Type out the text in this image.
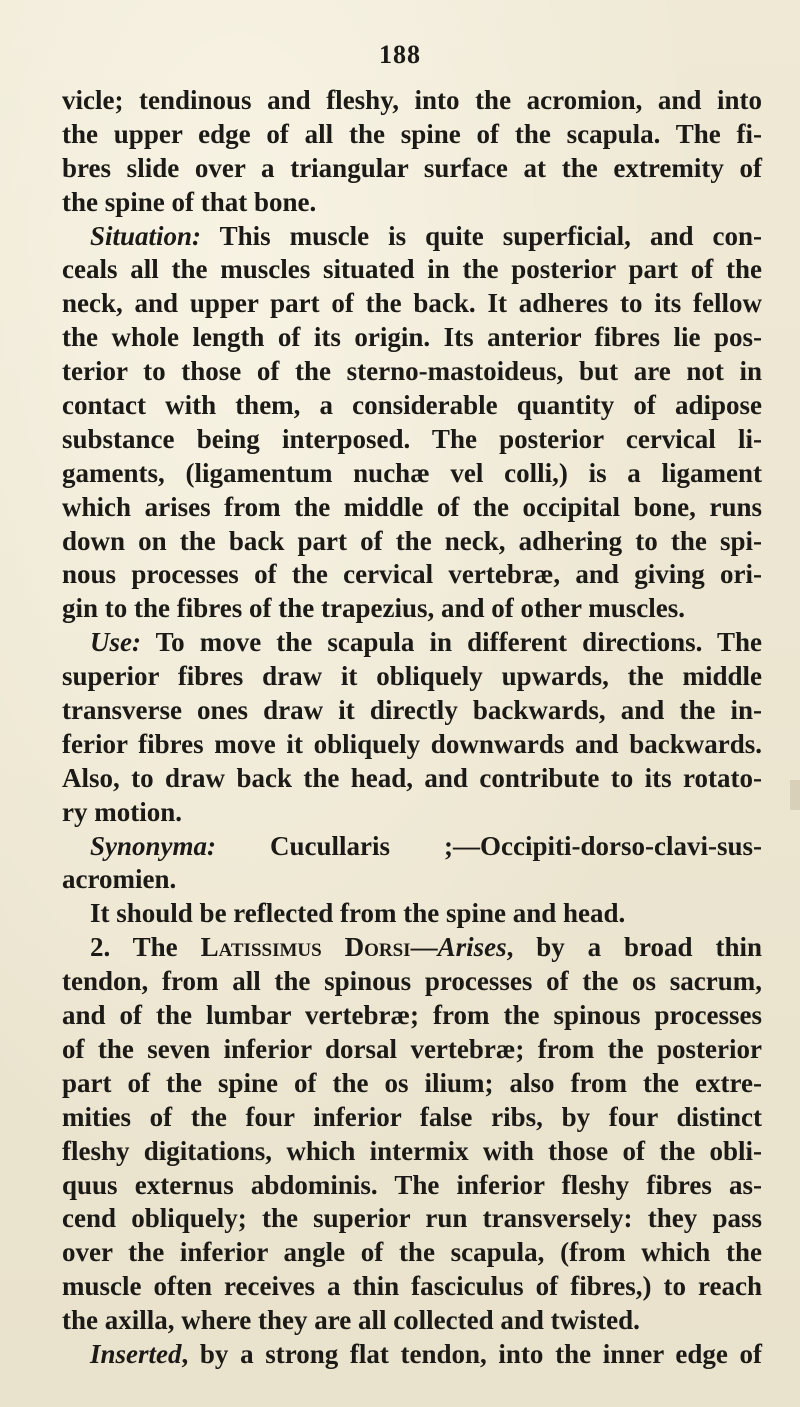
188
vicle; tendinous and fleshy, into the acromion, and into
the upper edge of all the spine of the scapula. The fi-
bres slide over a triangular surface at the extremity of
the spine of that bone.
Situation: This muscle is quite superficial, and con-
ceals all the muscles situated in the posterior part of the
neck, and upper part of the back. It adheres to its fellow
the whole length of its origin. Its anterior fibres lie pos-
terior to those of the sterno-mastoideus, but are not in
contact with them, a considerable quantity of adipose
substance being interposed. The posterior cervical li-
gaments, (ligamentum nuchæ vel colli,) is a ligament
which arises from the middle of the occipital bone, runs
down on the back part of the neck, adhering to the spi-
nous processes of the cervical vertebræ, and giving ori-
gin to the fibres of the trapezius, and of other muscles.
Use: To move the scapula in different directions. The
superior fibres draw it obliquely upwards, the middle
transverse ones draw it directly backwards, and the in-
ferior fibres move it obliquely downwards and backwards.
Also, to draw back the head, and contribute to its rotato-
ry motion.
Synonyma: Cucullaris ;—Occipiti-dorso-clavi-sus-
acromien.
It should be reflected from the spine and head.
2. The Latissimus Dorsi—Arises, by a broad thin
tendon, from all the spinous processes of the os sacrum,
and of the lumbar vertebræ; from the spinous processes
of the seven inferior dorsal vertebræ; from the posterior
part of the spine of the os ilium; also from the extre-
mities of the four inferior false ribs, by four distinct
fleshy digitations, which intermix with those of the obli-
quus externus abdominis. The inferior fleshy fibres as-
cend obliquely; the superior run transversely: they pass
over the inferior angle of the scapula, (from which the
muscle often receives a thin fasciculus of fibres,) to reach
the axilla, where they are all collected and twisted.
Inserted, by a strong flat tendon, into the inner edge of
